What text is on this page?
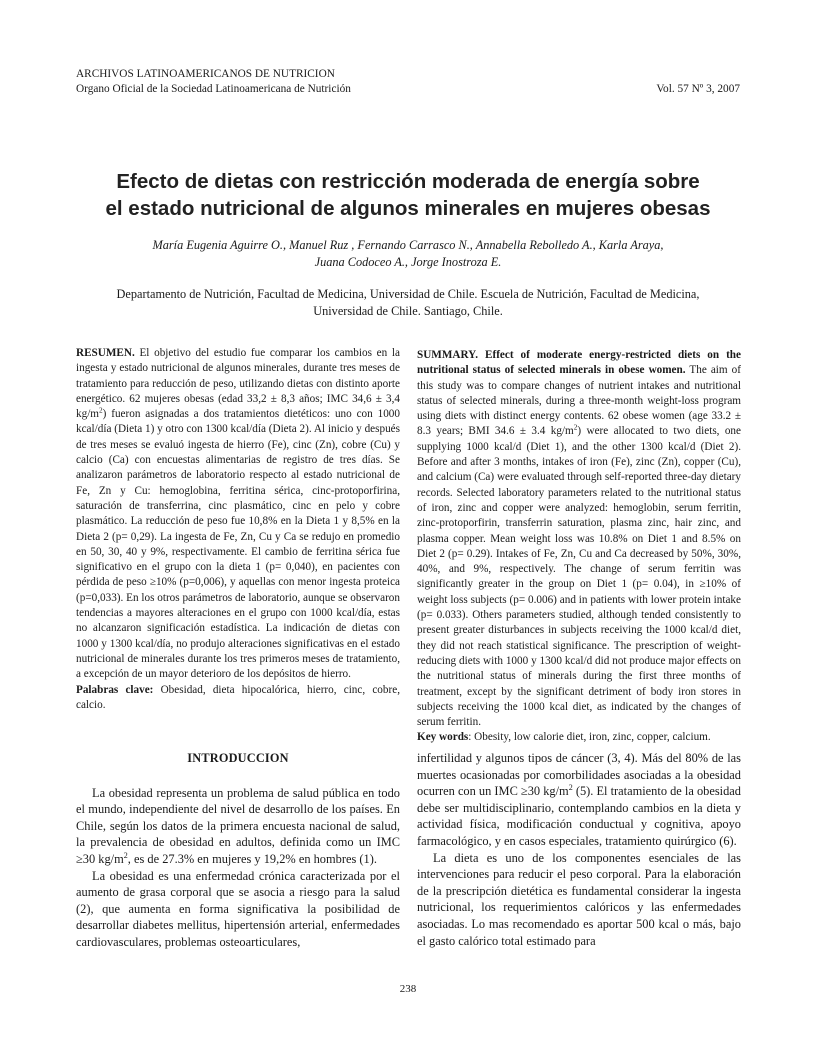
ARCHIVOS LATINOAMERICANOS DE NUTRICION
Organo Oficial de la Sociedad Latinoamericana de Nutrición	Vol. 57 Nº 3, 2007
Efecto de dietas con restricción moderada de energía sobre
el estado nutricional de algunos minerales en mujeres obesas
María Eugenia Aguirre O., Manuel Ruz , Fernando Carrasco N., Annabella Rebolledo A., Karla Araya,
Juana Codoceo A., Jorge Inostroza E.
Departamento de Nutrición, Facultad de Medicina, Universidad de Chile. Escuela de Nutrición, Facultad de Medicina,
Universidad de Chile. Santiago, Chile.
RESUMEN. El objetivo del estudio fue comparar los cambios en la ingesta y estado nutricional de algunos minerales, durante tres meses de tratamiento para reducción de peso, utilizando dietas con distinto aporte energético. 62 mujeres obesas (edad 33,2 ± 8,3 años; IMC 34,6 ± 3,4 $kg/m^2$) fueron asignadas a dos tratamientos dietéticos: uno con 1000 kcal/día (Dieta 1) y otro con 1300 kcal/día (Dieta 2). Al inicio y después de tres meses se evaluó ingesta de hierro (Fe), cinc (Zn), cobre (Cu) y calcio (Ca) con encuestas alimentarias de registro de tres días. Se analizaron parámetros de laboratorio respecto al estado nutricional de Fe, Zn y Cu: hemoglobina, ferritina sérica, cinc-protoporfirina, saturación de transferrina, cinc plasmático, cinc en pelo y cobre plasmático. La reducción de peso fue 10,8% en la Dieta 1 y 8,5% en la Dieta 2 (p= 0,29). La ingesta de Fe, Zn, Cu y Ca se redujo en promedio en 50, 30, 40 y 9%, respectivamente. El cambio de ferritina sérica fue significativo en el grupo con la dieta 1 (p= 0,040), en pacientes con pérdida de peso ≥10% (p=0,006), y aquellas con menor ingesta proteica (p=0,033). En los otros parámetros de laboratorio, aunque se observaron tendencias a mayores alteraciones en el grupo con 1000 kcal/día, estas no alcanzaron significación estadística. La indicación de dietas con 1000 y 1300 kcal/día, no produjo alteraciones significativas en el estado nutricional de minerales durante los tres primeros meses de tratamiento, a excepción de un mayor deterioro de los depósitos de hierro.
Palabras clave: Obesidad, dieta hipocalórica, hierro, cinc, cobre, calcio.
SUMMARY. Effect of moderate energy-restricted diets on the nutritional status of selected minerals in obese women. The aim of this study was to compare changes of nutrient intakes and nutritional status of selected minerals, during a three-month weight-loss program using diets with distinct energy contents. 62 obese women (age 33.2 ± 8.3 years; BMI 34.6 ± 3.4 $kg/m^2$) were allocated to two diets, one supplying 1000 kcal/d (Diet 1), and the other 1300 kcal/d (Diet 2). Before and after 3 months, intakes of iron (Fe), zinc (Zn), copper (Cu), and calcium (Ca) were evaluated through self-reported three-day dietary records. Selected laboratory parameters related to the nutritional status of iron, zinc and copper were analyzed: hemoglobin, serum ferritin, zinc-protoporfirin, transferrin saturation, plasma zinc, hair zinc, and plasma copper. Mean weight loss was 10.8% on Diet 1 and 8.5% on Diet 2 (p= 0.29). Intakes of Fe, Zn, Cu and Ca decreased by 50%, 30%, 40%, and 9%, respectively. The change of serum ferritin was significantly greater in the group on Diet 1 (p= 0.04), in ≥10% of weight loss subjects (p= 0.006) and in patients with lower protein intake (p= 0.033). Others parameters studied, although tended consistently to present greater disturbances in subjects receiving the 1000 kcal/d diet, they did not reach statistical significance. The prescription of weight-reducing diets with 1000 y 1300 kcal/d did not produce major effects on the nutritional status of minerals during the first three months of treatment, except by the significant detriment of body iron stores in subjects receiving the 1000 kcal diet, as indicated by the changes of serum ferritin.
Key words: Obesity, low calorie diet, iron, zinc, copper, calcium.
INTRODUCCION

La obesidad representa un problema de salud pública en todo el mundo, independiente del nivel de desarrollo de los países. En Chile, según los datos de la primera encuesta nacional de salud, la prevalencia de obesidad en adultos, definida como un IMC ≥30 $kg/m^2$, es de 27.3% en mujeres y 19,2% en hombres (1).

La obesidad es una enfermedad crónica caracterizada por el aumento de grasa corporal que se asocia a riesgo para la salud (2), que aumenta en forma significativa la posibilidad de desarrollar diabetes mellitus, hipertensión arterial, enfermedades cardiovasculares, problemas osteoarticulares,

infertilidad y algunos tipos de cáncer (3, 4). Más del 80% de las muertes ocasionadas por comorbilidades asociadas a la obesidad ocurren con un IMC ≥30 $kg/m^2$ (5). El tratamiento de la obesidad debe ser multidisciplinario, contemplando cambios en la dieta y actividad física, modificación conductual y cognitiva, apoyo farmacológico, y en casos especiales, tratamiento quirúrgico (6).

La dieta es uno de los componentes esenciales de las intervenciones para reducir el peso corporal. Para la elaboración de la prescripción dietética es fundamental considerar la ingesta nutricional, los requerimientos calóricos y las enfermedades asociadas. Lo mas recomendado es aportar 500 kcal o más, bajo el gasto calórico total estimado para

238
